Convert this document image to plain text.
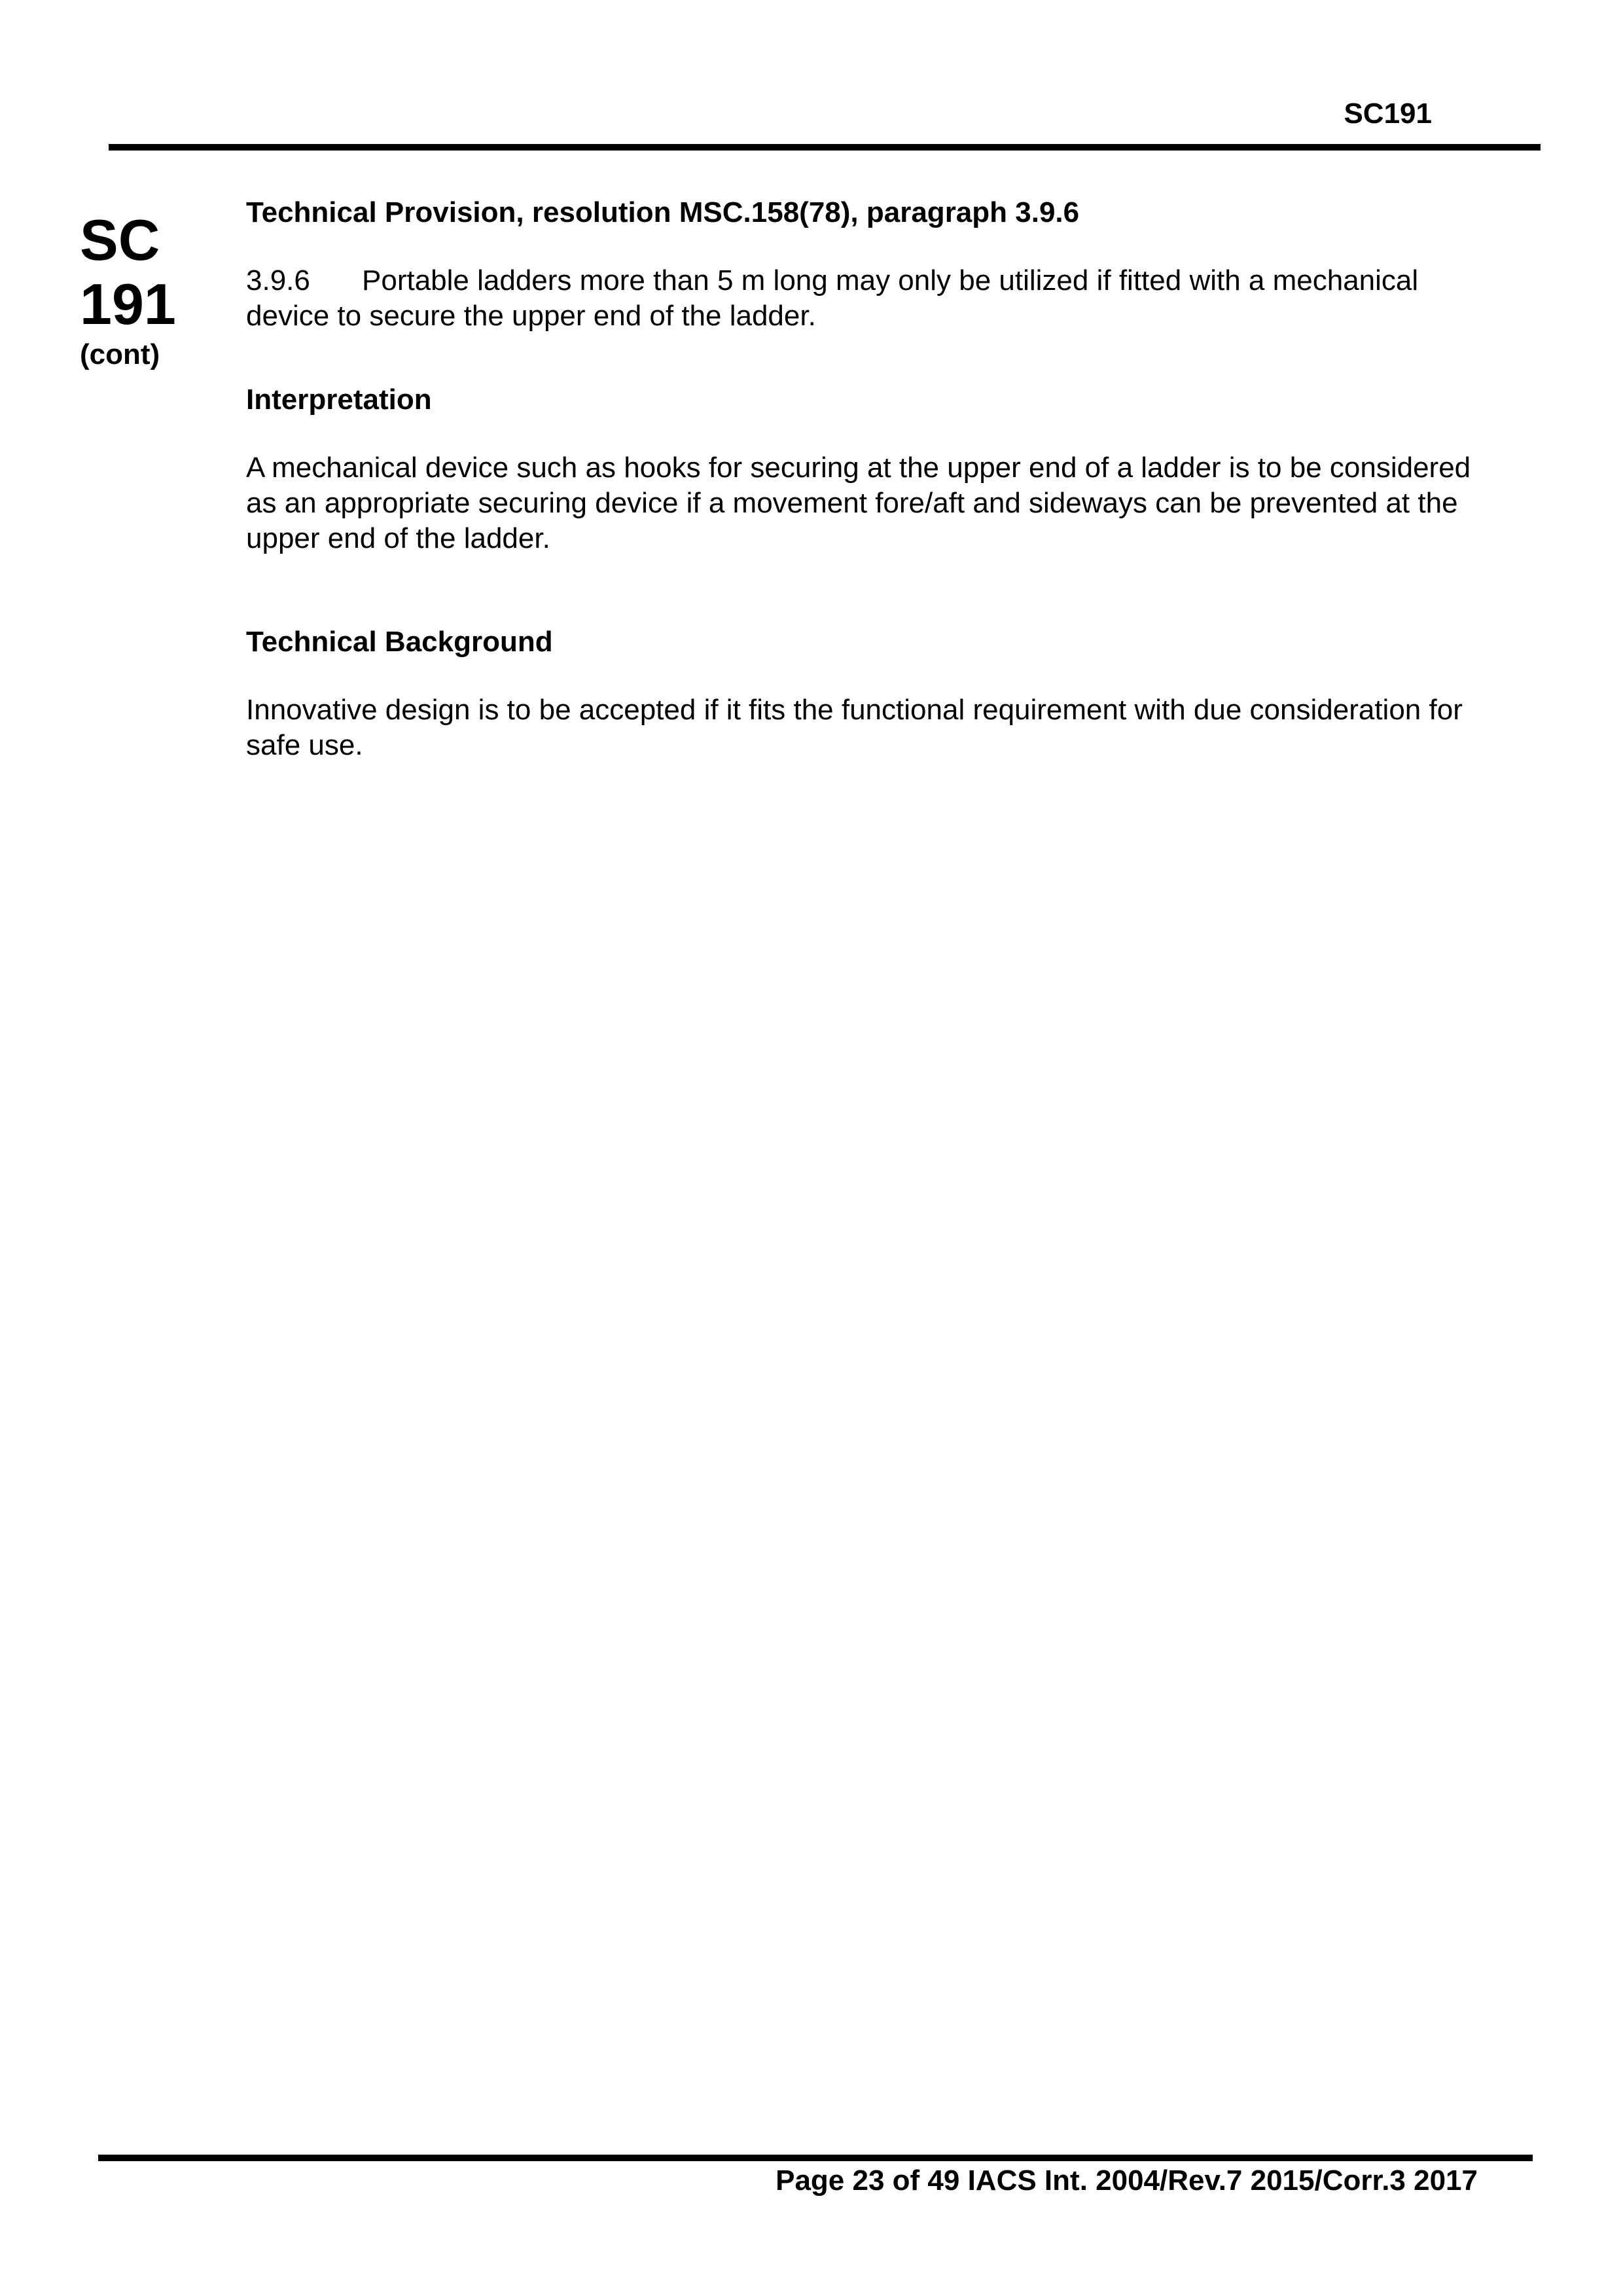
SC191
SC
191
(cont)

Technical Provision, resolution MSC.158(78), paragraph 3.9.6

3.9.6 Portable ladders more than 5 m long may only be utilized if fitted with a mechanical device to secure the upper end of the ladder.

Interpretation

A mechanical device such as hooks for securing at the upper end of a ladder is to be considered as an appropriate securing device if a movement fore/aft and sideways can be prevented at the upper end of the ladder.

Technical Background

Innovative design is to be accepted if it fits the functional requirement with due consideration for safe use.

Page 23 of 49 IACS Int. 2004/Rev.7 2015/Corr.3 2017
